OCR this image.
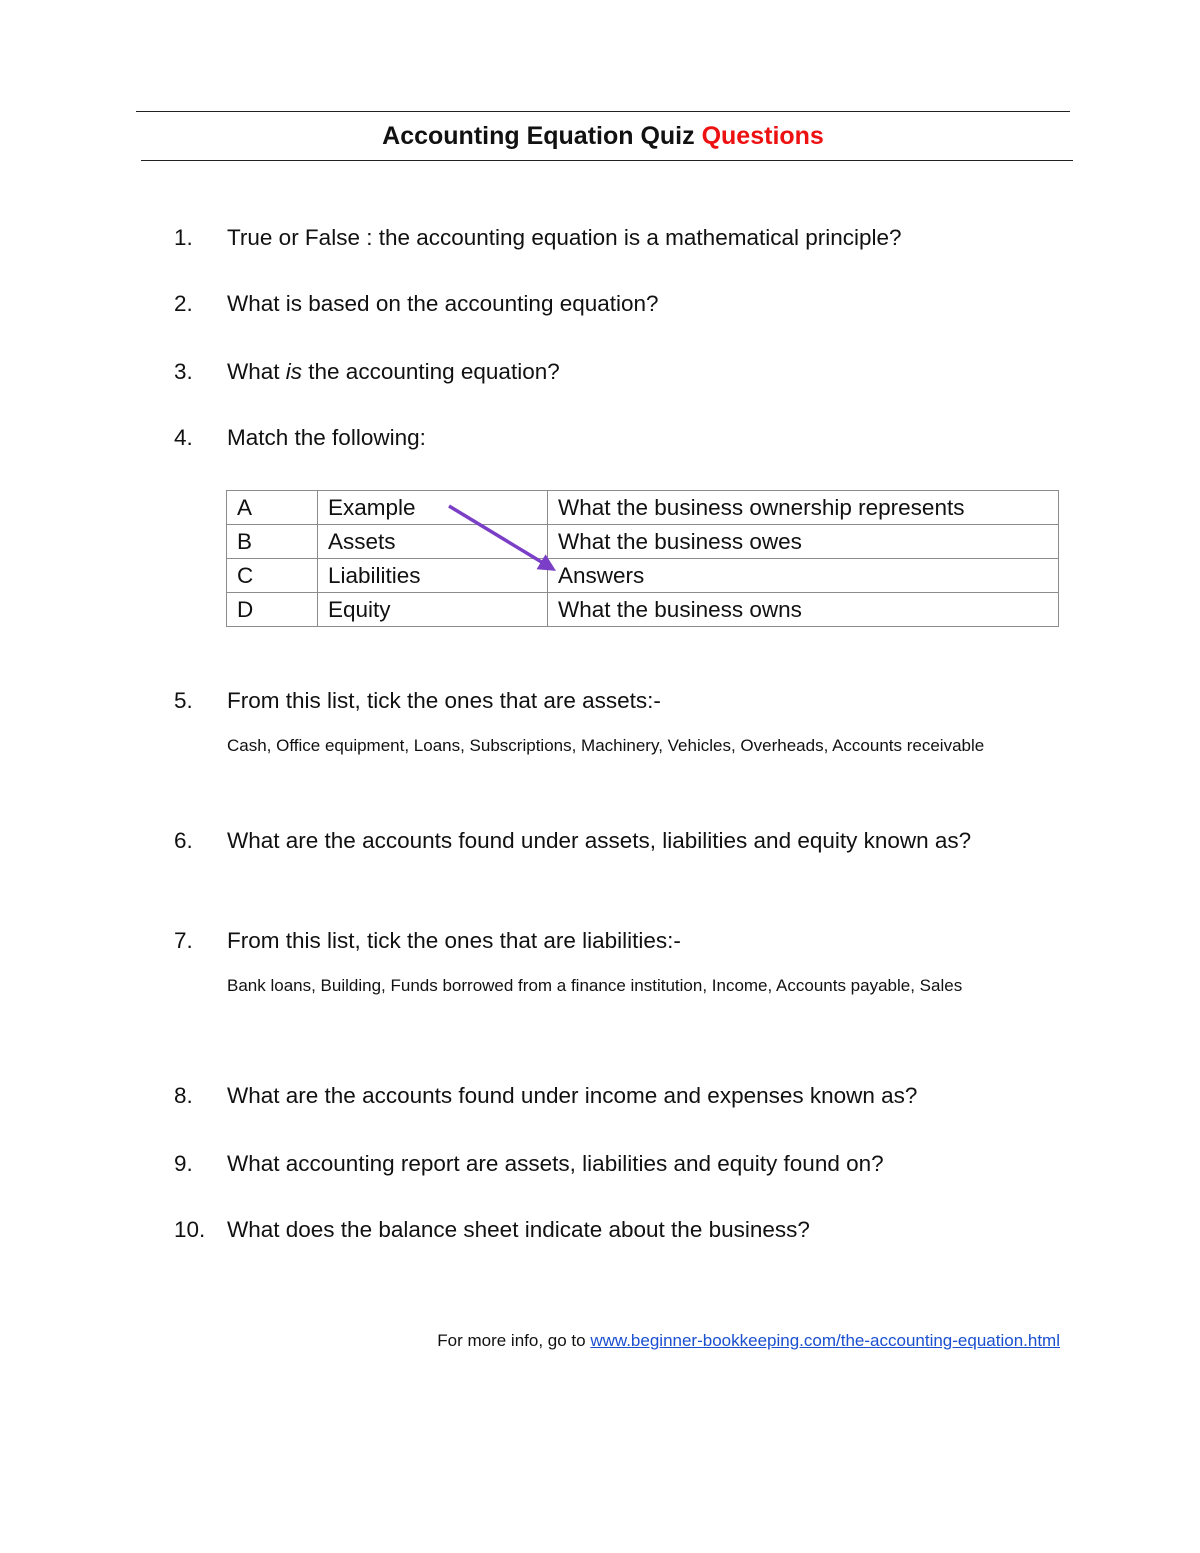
Accounting Equation Quiz Questions
1. True or False : the accounting equation is a mathematical principle?
2. What is based on the accounting equation?
3. What is the accounting equation?
4. Match the following:
A	Example	What the business ownership represents
B	Assets	What the business owes
C	Liabilities	Answers
D	Equity	What the business owns
5. From this list, tick the ones that are assets:-
Cash, Office equipment, Loans, Subscriptions, Machinery, Vehicles, Overheads, Accounts receivable
6. What are the accounts found under assets, liabilities and equity known as?
7. From this list, tick the ones that are liabilities:-
Bank loans, Building, Funds borrowed from a finance institution, Income, Accounts payable, Sales
8. What are the accounts found under income and expenses known as?
9. What accounting report are assets, liabilities and equity found on?
10. What does the balance sheet indicate about the business?
For more info, go to www.beginner-bookkeeping.com/the-accounting-equation.html
